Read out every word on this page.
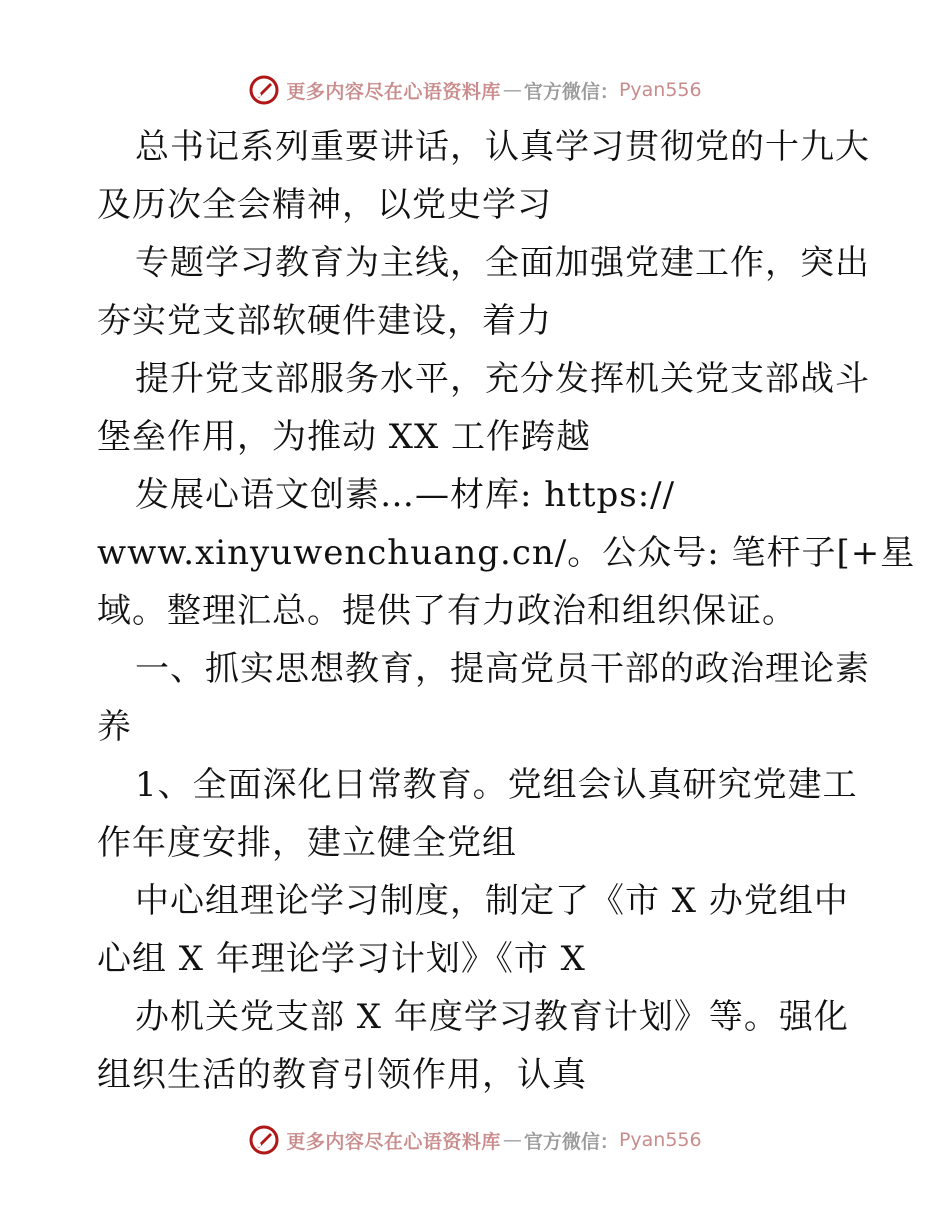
更多内容尽在心语资料库 — 官方微信： Pyan556
总书记系列重要讲话，认真学习贯彻党的十九大
及历次全会精神，以党史学习
专题学习教育为主线，全面加强党建工作，突出
夯实党支部软硬件建设，着力
提升党支部服务水平，充分发挥机关党支部战斗
堡垒作用，为推动 XX 工作跨越
发展心语文创素…—材库: https://
www.xinyuwenchuang.cn/。公众号: 笔杆子[+星
域。整理汇总。提供了有力政治和组织保证。
一、抓实思想教育，提高党员干部的政治理论素
养
1、全面深化日常教育。党组会认真研究党建工
作年度安排，建立健全党组
中心组理论学习制度，制定了《市 X 办党组中
心组 X 年理论学习计划》《市 X
办机关党支部 X 年度学习教育计划》等。强化
组织生活的教育引领作用，认真
更多内容尽在心语资料库 — 官方微信： Pyan556
